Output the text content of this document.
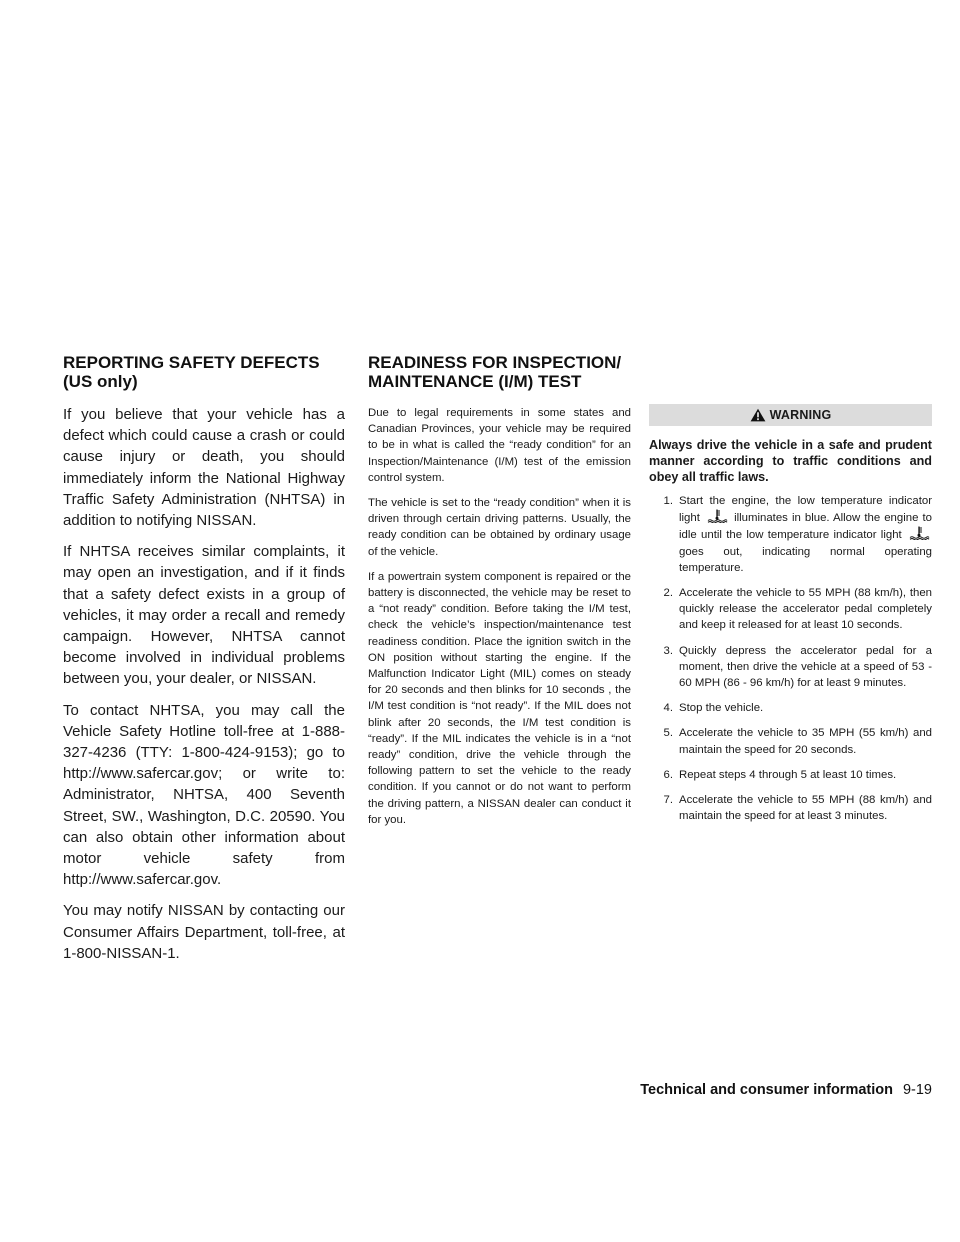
REPORTING SAFETY DEFECTS (US only)
READINESS FOR INSPECTION/ MAINTENANCE (I/M) TEST

If you believe that your vehicle has a defect which could cause a crash or could cause injury or death, you should immediately inform the National Highway Traffic Safety Administration (NHTSA) in addition to notifying NISSAN.

If NHTSA receives similar complaints, it may open an investigation, and if it finds that a safety defect exists in a group of vehicles, it may order a recall and remedy campaign. However, NHTSA cannot become involved in individual problems between you, your dealer, or NISSAN.

To contact NHTSA, you may call the Vehicle Safety Hotline toll-free at 1-888-327-4236 (TTY: 1-800-424-9153); go to http://www.safercar.gov; or write to: Administrator, NHTSA, 400 Seventh Street, SW., Washington, D.C. 20590. You can also obtain other information about motor vehicle safety from http://www.safercar.gov.

You may notify NISSAN by contacting our Consumer Affairs Department, toll-free, at 1-800-NISSAN-1.

Due to legal requirements in some states and Canadian Provinces, your vehicle may be required to be in what is called the “ready condition” for an Inspection/Maintenance (I/M) test of the emission control system.

The vehicle is set to the “ready condition” when it is driven through certain driving patterns. Usually, the ready condition can be obtained by ordinary usage of the vehicle.

If a powertrain system component is repaired or the battery is disconnected, the vehicle may be reset to a “not ready” condition. Before taking the I/M test, check the vehicle’s inspection/maintenance test readiness condition. Place the ignition switch in the ON position without starting the engine. If the Malfunction Indicator Light (MIL) comes on steady for 20 seconds and then blinks for 10 seconds , the I/M test condition is “not ready”. If the MIL does not blink after 20 seconds, the I/M test condition is “ready”. If the MIL indicates the vehicle is in a “not ready” condition, drive the vehicle through the following pattern to set the vehicle to the ready condition. If you cannot or do not want to perform the driving pattern, a NISSAN dealer can conduct it for you.

WARNING

Always drive the vehicle in a safe and prudent manner according to traffic conditions and obey all traffic laws.

1. Start the engine, the low temperature indicator light	illuminates in blue. Allow the engine to idle until the low temperature indicator light  goes out, indicating normal operating temperature.
2. Accelerate the vehicle to 55 MPH (88 km/h), then quickly release the accelerator pedal completely and keep it released for at least 10 seconds.
3. Quickly depress the accelerator pedal for a moment, then drive the vehicle at a speed of 53 - 60 MPH (86 - 96 km/h) for at least 9 minutes.
4. Stop the vehicle.
5. Accelerate the vehicle to 35 MPH (55 km/h) and maintain the speed for 20 seconds.
6. Repeat steps 4 through 5 at least 10 times.
7. Accelerate the vehicle to 55 MPH (88 km/h) and maintain the speed for at least 3 minutes.
Technical and consumer information 9-19
